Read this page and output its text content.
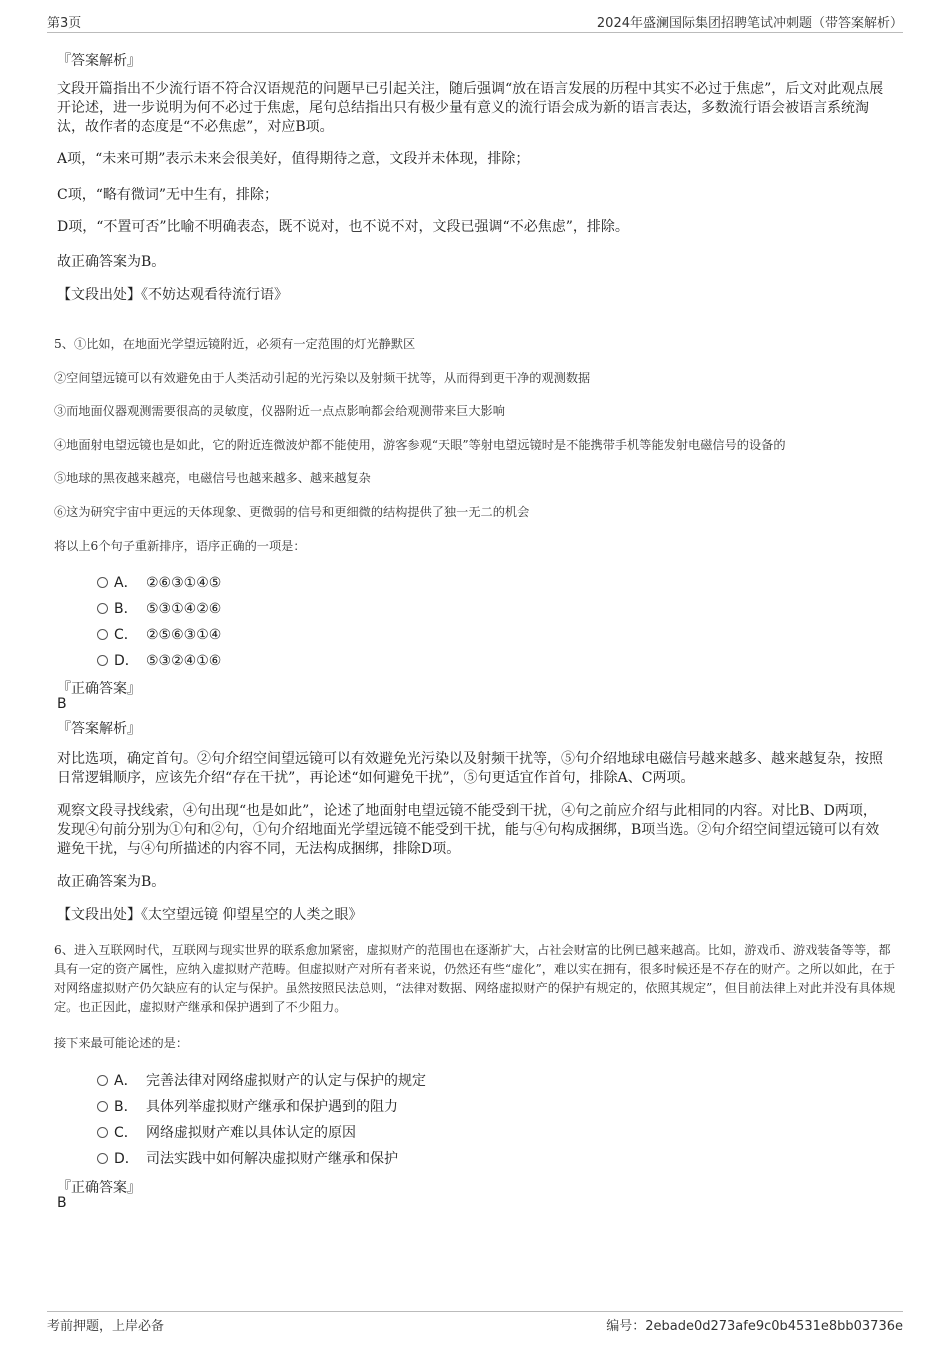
第3页	2024年盛澜国际集团招聘笔试冲刺题（带答案解析）
『答案解析』
文段开篇指出不少流行语不符合汉语规范的问题早已引起关注，随后强调“放在语言发展的历程中其实不必过于焦虑”，后文对此观点展开论述，进一步说明为何不必过于焦虑，尾句总结指出只有极少量有意义的流行语会成为新的语言表达，多数流行语会被语言系统淘汰，故作者的态度是“不必焦虑”，对应B项。
A项，“未来可期”表示未来会很美好，值得期待之意，文段并未体现，排除；
C项，“略有微词”无中生有，排除；
D项，“不置可否”比喻不明确表态，既不说对，也不说不对，文段已强调“不必焦虑”，排除。
故正确答案为B。
【文段出处】《不妨达观看待流行语》
5、①比如，在地面光学望远镜附近，必须有一定范围的灯光静默区
②空间望远镜可以有效避免由于人类活动引起的光污染以及射频干扰等，从而得到更干净的观测数据
③而地面仪器观测需要很高的灵敏度，仪器附近一点点影响都会给观测带来巨大影响
④地面射电望远镜也是如此，它的附近连微波炉都不能使用，游客参观“天眼”等射电望远镜时是不能携带手机等能发射电磁信号的设备的
⑤地球的黑夜越来越亮，电磁信号也越来越多、越来越复杂
⑥这为研究宇宙中更远的天体现象、更微弱的信号和更细微的结构提供了独一无二的机会
将以上6个句子重新排序，语序正确的一项是：
A． ②⑥③①④⑤
B． ⑤③①④②⑥
C． ②⑤⑥③①④
D． ⑤③②④①⑥
『正确答案』
B
『答案解析』
对比选项，确定首句。②句介绍空间望远镜可以有效避免光污染以及射频干扰等，⑤句介绍地球电磁信号越来越多、越来越复杂，按照日常逻辑顺序，应该先介绍“存在干扰”，再论述“如何避免干扰”，⑤句更适宜作首句，排除A、C两项。
观察文段寻找线索，④句出现“也是如此”，论述了地面射电望远镜不能受到干扰，④句之前应介绍与此相同的内容。对比B、D两项，发现④句前分别为①句和②句，①句介绍地面光学望远镜不能受到干扰，能与④句构成捆绑，B项当选。②句介绍空间望远镜可以有效避免干扰，与④句所描述的内容不同，无法构成捆绑，排除D项。
故正确答案为B。
【文段出处】《太空望远镜 仰望星空的人类之眼》
6、进入互联网时代，互联网与现实世界的联系愈加紧密，虚拟财产的范围也在逐渐扩大，占社会财富的比例已越来越高。比如，游戏币、游戏装备等等，都具有一定的资产属性，应纳入虚拟财产范畴。但虚拟财产对所有者来说，仍然还有些“虚化”，难以实在拥有，很多时候还是不存在的财产。之所以如此，在于对网络虚拟财产仍欠缺应有的认定与保护。虽然按照民法总则，“法律对数据、网络虚拟财产的保护有规定的，依照其规定”，但目前法律上对此并没有具体规定。也正因此，虚拟财产继承和保护遇到了不少阻力。
接下来最可能论述的是：
A． 完善法律对网络虚拟财产的认定与保护的规定
B． 具体列举虚拟财产继承和保护遇到的阻力
C． 网络虚拟财产难以具体认定的原因
D． 司法实践中如何解决虚拟财产继承和保护
『正确答案』
B
考前押题，上岸必备	编号：2ebade0d273afe9c0b4531e8bb03736e
